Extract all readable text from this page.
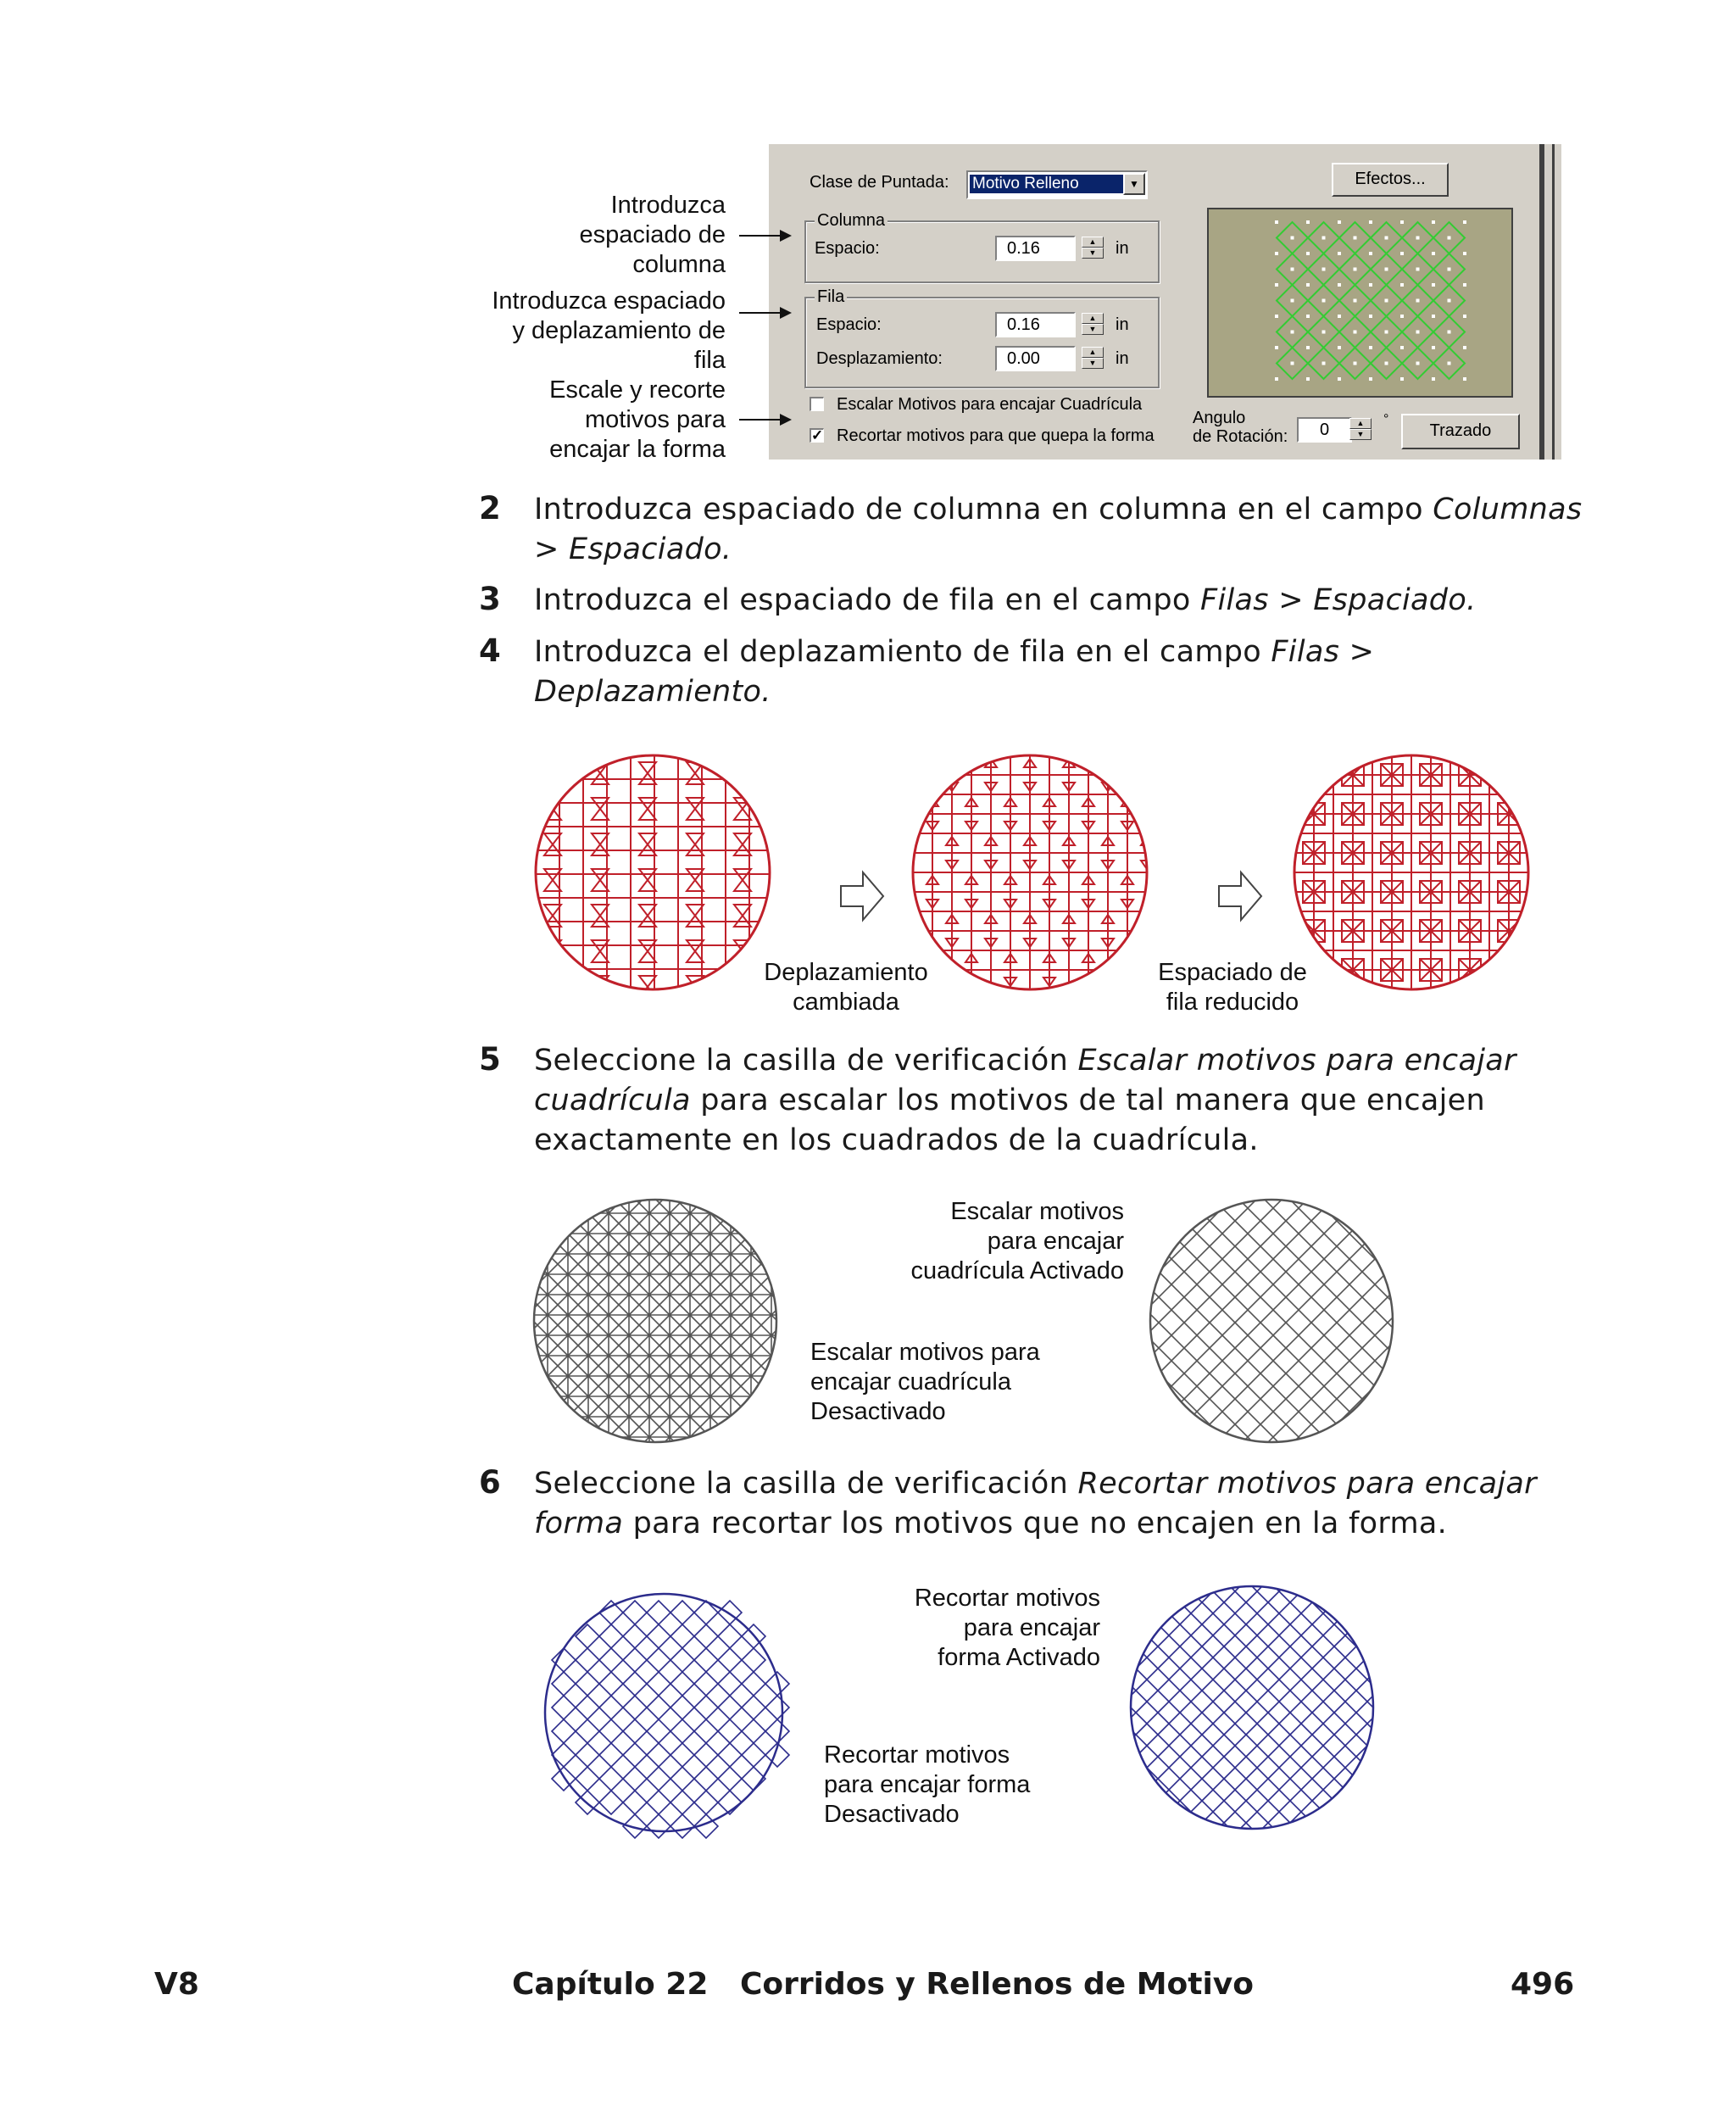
Clase de Puntada: Motivo Relleno	▼	Efectos...
Columna
Espacio:	0.16	▲
▼	in
Fila
Espacio:	0.16	▲
▼	in
Desplazamiento:	0.00	▲
▼	in
Escalar Motivos para encajar Cuadrícula
✓ Recortar motivos para que quepa la forma
Angulo
de Rotación:	0	▲
▼
°
Trazado
Introduzca
espaciado de
columna
Introduzca espaciado
y deplazamiento de
fila
Escale y recorte
motivos para
encajar la forma
2 Introduzca espaciado de columna en columna en el campo Columnas > Espaciado.
3 Introduzca el espaciado de fila en el campo Filas > Espaciado.
4 Introduzca el deplazamiento de fila en el campo Filas > Deplazamiento.
5 Seleccione la casilla de verificación Escalar motivos para encajar cuadrícula para escalar los motivos de tal manera que encajen exactamente en los cuadrados de la cuadrícula.
6 Seleccione la casilla de verificación Recortar motivos para encajar forma para recortar los motivos que no encajen en la forma.
Deplazamiento
cambiada
Espaciado de
fila reducido
Escalar motivos
para encajar
cuadrícula Activado
Escalar motivos para
encajar cuadrícula
Desactivado
Recortar motivos
para encajar
forma Activado
Recortar motivos
para encajar forma
Desactivado
V8	Capítulo 22   Corridos y Rellenos de Motivo	496
